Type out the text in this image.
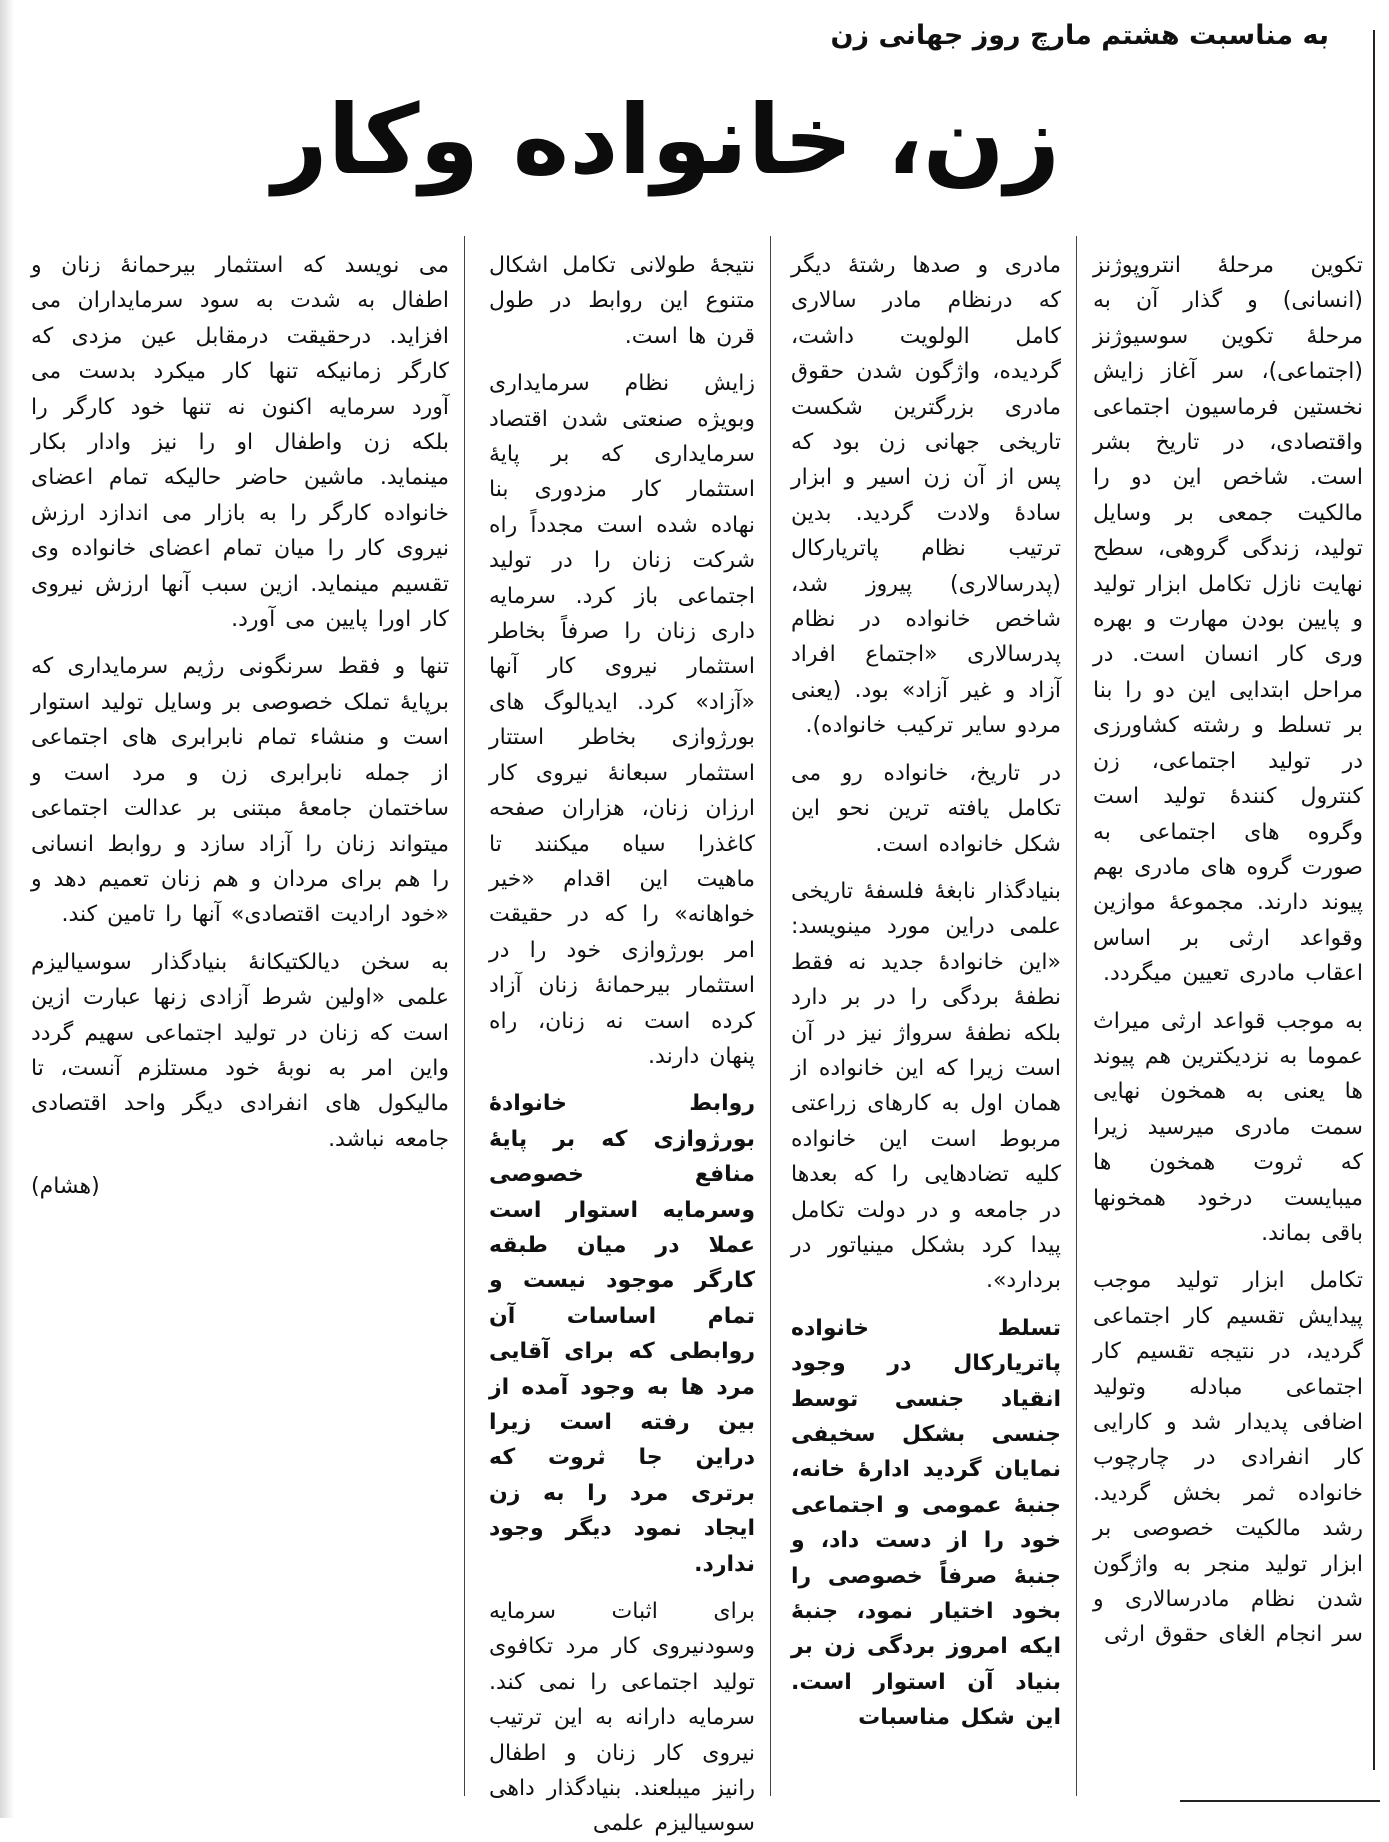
به مناسبت هشتم مارچ روز جهانی زن
زن، خانواده وکار

تکوین مرحلهٔ انتروپوژنز (انسانی) و گذار آن به مرحلهٔ تکوین سوسیوژنز (اجتماعی)، سر آغاز زایش نخستین فرماسیون اجتماعی واقتصادی، در تاریخ بشر است. شاخص این دو را مالکیت جمعی بر وسایل تولید، زندگی گروهی، سطح نهایت نازل تکامل ابزار تولید و پایین بودن مهارت و بهره وری کار انسان است. در مراحل ابتدایی این دو را بنا بر تسلط و رشته کشاورزی در تولید اجتماعی، زن کنترول کنندهٔ تولید است وگروه های اجتماعی به صورت گروه های مادری بهم پیوند دارند. مجموعهٔ موازین وقواعد ارثی بر اساس اعقاب مادری تعیین میگردد.

به موجب قواعد ارثی میراث عموما به نزدیکترین هم پیوند ها یعنی به همخون نهایی سمت مادری میرسید زیرا که ثروت همخون ها میبایست درخود همخونها باقی بماند.

تکامل ابزار تولید موجب پیدایش تقسیم کار اجتماعی گردید، در نتیجه تقسیم کار اجتماعی مبادله وتولید اضافی پدیدار شد و کارایی کار انفرادی در چارچوب خانواده ثمر بخش گردید. رشد مالکیت خصوصی بر ابزار تولید منجر به واژگون شدن نظام مادرسالاری و سر انجام الغای حقوق ارثی

مادری و صدها رشتهٔ دیگر که درنظام مادر سالاری کامل الولویت داشت، گردیده، واژگون شدن حقوق مادری بزرگترین شکست تاریخی جهانی زن بود که پس از آن زن اسیر و ابزار سادهٔ ولادت گردید. بدین ترتیب نظام پاتریارکال (پدرسالاری) پیروز شد، شاخص خانواده در نظام پدرسالاری «اجتماع افراد آزاد و غیر آزاد» بود. (یعنی مردو سایر ترکیب خانواده).

در تاریخ، خانواده رو می تکامل یافته ترین نحو این شکل خانواده است.

بنیادگذار نابغهٔ فلسفهٔ تاریخی علمی دراین مورد مینویسد: «این خانوادهٔ جدید نه فقط نطفهٔ بردگی را در بر دارد بلکه نطفهٔ سرواژ نیز در آن است زیرا که این خانواده از همان اول به کارهای زراعتی مربوط است این خانواده کلیه تضادهایی را که بعدها در جامعه و در دولت تکامل پیدا کرد بشکل مینیاتور در بردارد».

تسلط خانواده پاتریارکال در وجود انقیاد جنسی توسط جنسی بشکل سخیفی نمایان گردید ادارهٔ خانه، جنبهٔ عمومی و اجتماعی خود را از دست داد، و جنبهٔ صرفاً خصوصی را بخود اختیار نمود، جنبهٔ ایکه امروز بردگی زن بر بنیاد آن استوار است. این شکل مناسبات

نتیجهٔ طولانی تکامل اشکال متنوع این روابط در طول قرن ها است.

زایش نظام سرمایداری وبویژه صنعتی شدن اقتصاد سرمایداری که بر پایهٔ استثمار کار مزدوری بنا نهاده شده است مجدداً راه شرکت زنان را در تولید اجتماعی باز کرد. سرمایه داری زنان را صرفاً بخاطر استثمار نیروی کار آنها «آزاد» کرد. ایدیالوگ های بورژوازی بخاطر استتار استثمار سبعانهٔ نیروی کار ارزان زنان، هزاران صفحه کاغذرا سیاه میکنند تا ماهیت این اقدام «خیر خواهانه» را که در حقیقت امر بورژوازی خود را در استثمار بیرحمانهٔ زنان آزاد کرده است نه زنان، راه پنهان دارند.

روابط خانوادهٔ بورژوازی که بر پایهٔ منافع خصوصی وسرمایه استوار است عملا در میان طبقه کارگر موجود نیست و تمام اساسات آن روابطی که برای آقایی مرد ها به وجود آمده از بین رفته است زیرا دراین جا ثروت که برتری مرد را به زن ایجاد نمود دیگر وجود ندارد.

برای اثبات سرمایه وسودنیروی کار مرد تکافوی تولید اجتماعی را نمی کند. سرمایه دارانه به این ترتیب نیروی کار زنان و اطفال رانیز میبلعند. بنیادگذار داهی سوسیالیزم علمی

می نویسد که استثمار بیرحمانهٔ زنان و اطفال به شدت به سود سرمایداران می افزاید. درحقیقت درمقابل عین مزدی که کارگر زمانیکه تنها کار میکرد بدست می آورد سرمایه اکنون نه تنها خود کارگر را بلکه زن واطفال او را نیز وادار بکار مینماید. ماشین حاضر حالیکه تمام اعضای خانواده کارگر را به بازار می اندازد ارزش نیروی کار را میان تمام اعضای خانواده وی تقسیم مینماید. ازین سبب آنها ارزش نیروی کار اورا پایین می آورد.

تنها و فقط سرنگونی رژیم سرمایداری که برپایهٔ تملک خصوصی بر وسایل تولید استوار است و منشاء تمام نابرابری های اجتماعی از جمله نابرابری زن و مرد است و ساختمان جامعهٔ مبتنی بر عدالت اجتماعی میتواند زنان را آزاد سازد و روابط انسانی را هم برای مردان و هم زنان تعمیم دهد و «خود ارادیت اقتصادی» آنها را تامین کند.

به سخن دیالکتیکانهٔ بنیادگذار سوسیالیزم علمی «اولین شرط آزادی زنها عبارت ازین است که زنان در تولید اجتماعی سهیم گردد واین امر به نوبهٔ خود مستلزم آنست، تا مالیکول های انفرادی دیگر واحد اقتصادی جامعه نباشد.

(هشام)
